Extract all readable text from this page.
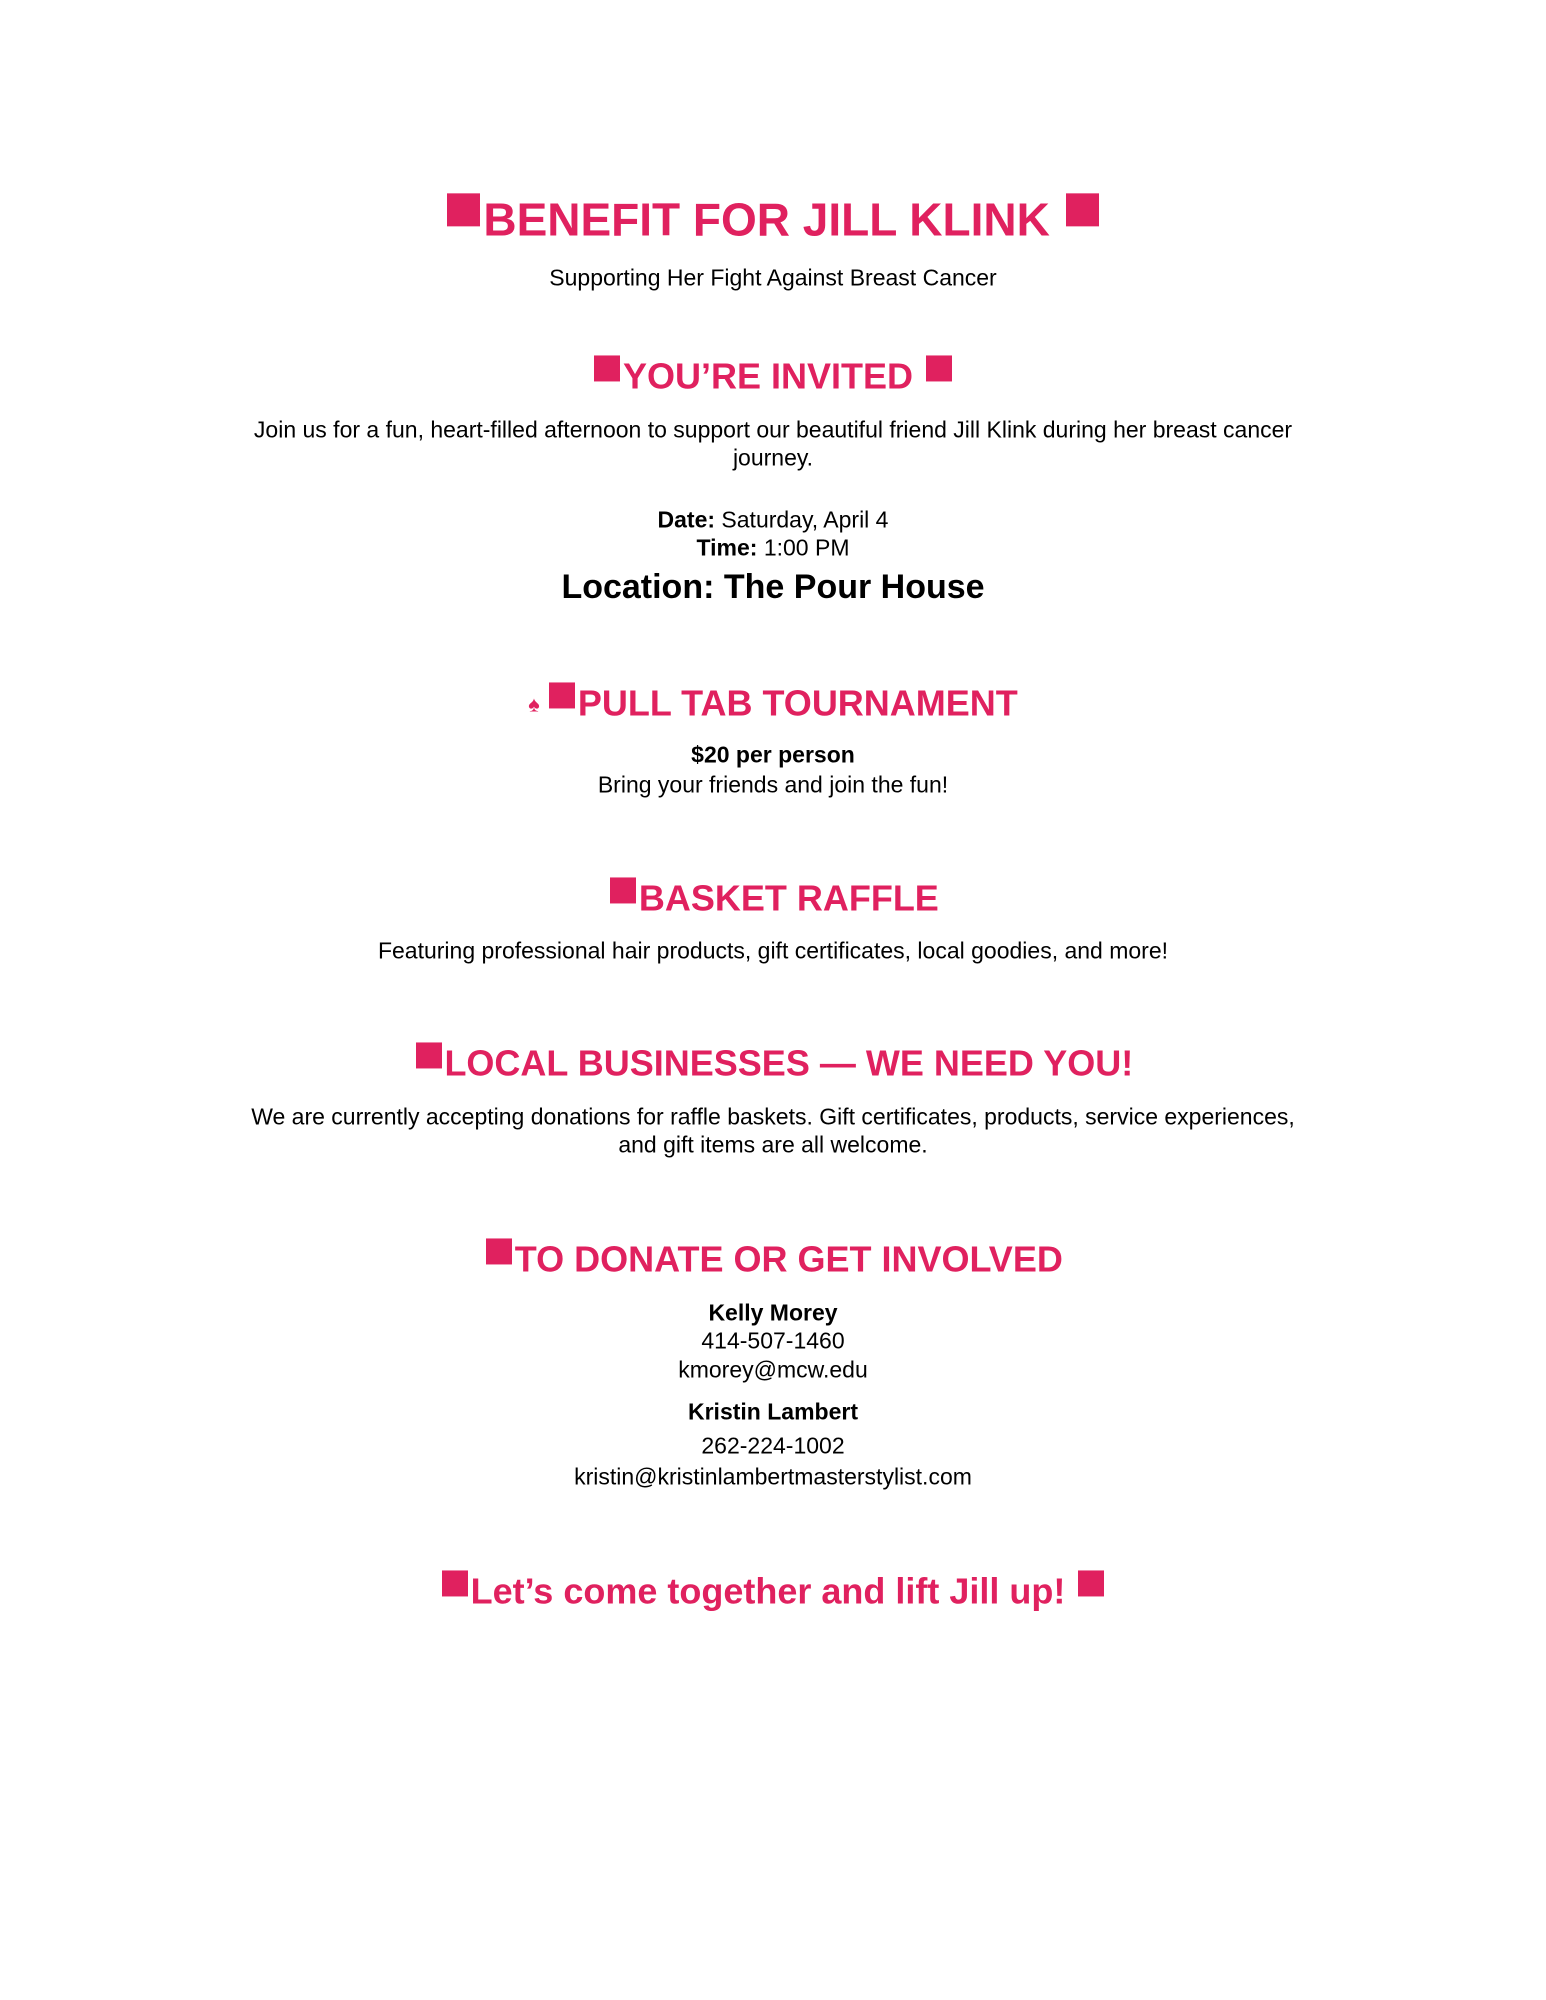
BENEFIT FOR JILL KLINK
Supporting Her Fight Against Breast Cancer
YOU’RE INVITED
Join us for a fun, heart-filled afternoon to support our beautiful friend Jill Klink during her breast cancer
journey.
Date: Saturday, April 4
Time: 1:00 PM
Location: The Pour House
♠ PULL TAB TOURNAMENT
$20 per person
Bring your friends and join the fun!
BASKET RAFFLE
Featuring professional hair products, gift certificates, local goodies, and more!
LOCAL BUSINESSES — WE NEED YOU!
We are currently accepting donations for raffle baskets. Gift certificates, products, service experiences,
and gift items are all welcome.
TO DONATE OR GET INVOLVED
Kelly Morey
414-507-1460
kmorey@mcw.edu
Kristin Lambert
262-224-1002
kristin@kristinlambertmasterstylist.com
Let’s come together and lift Jill up!
